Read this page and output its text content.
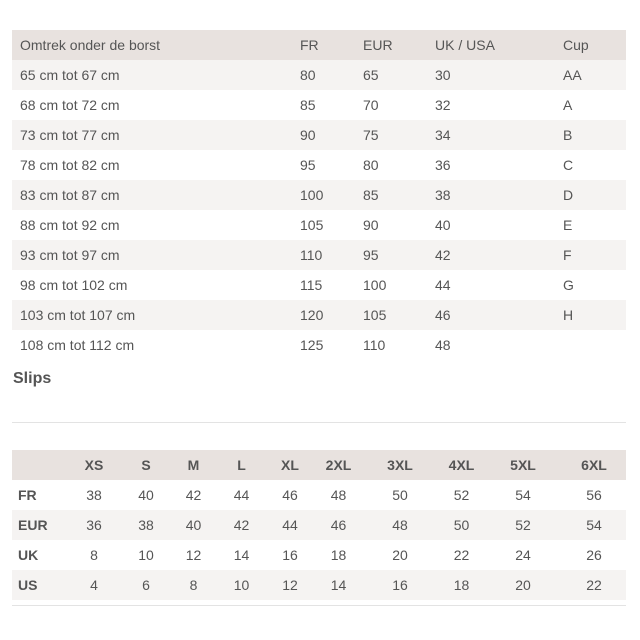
Omtrek onder de borst	FR	EUR	UK / USA	Cup
65 cm tot 67 cm	80	65	30	AA
68 cm tot 72 cm	85	70	32	A
73 cm tot 77 cm	90	75	34	B
78 cm tot 82 cm	95	80	36	C
83 cm tot 87 cm	100	85	38	D
88 cm tot 92 cm	105	90	40	E
93 cm tot 97 cm	110	95	42	F
98 cm tot 102 cm	115	100	44	G
103 cm tot 107 cm	120	105	46	H
108 cm tot 112 cm	125	110	48	
Slips
	XS	S	M	L	XL	2XL	3XL	4XL	5XL	6XL
FR	38	40	42	44	46	48	50	52	54	56
EUR	36	38	40	42	44	46	48	50	52	54
UK	8	10	12	14	16	18	20	22	24	26
US	4	6	8	10	12	14	16	18	20	22
